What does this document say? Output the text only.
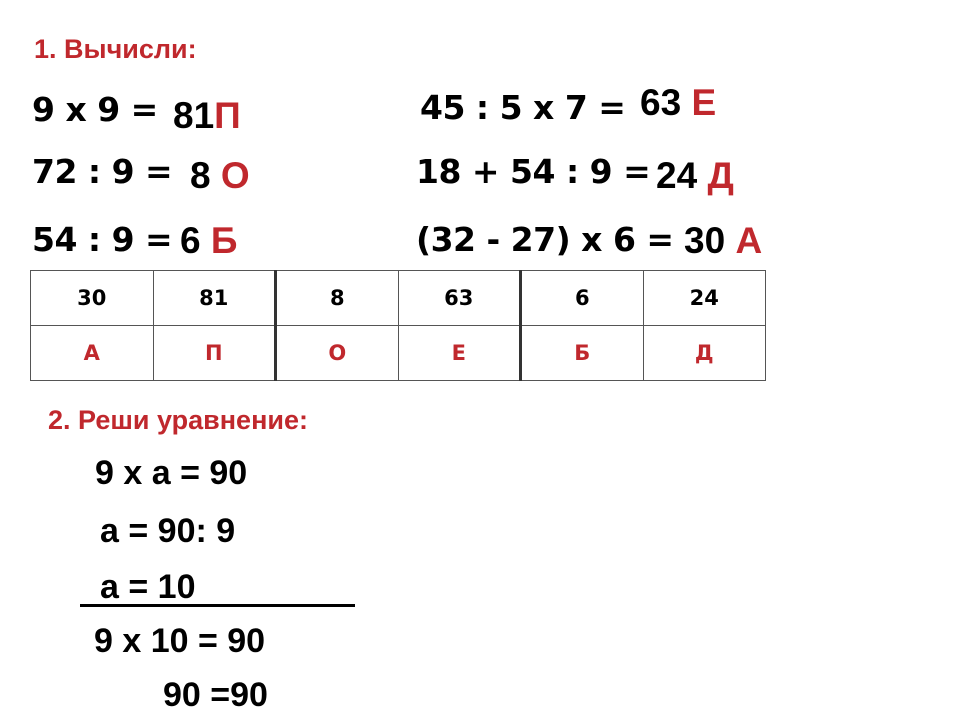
1. Вычисли:
9 х 9 = 81П
72 : 9 = 8 О
54 : 9 = 6 Б
45 : 5 х 7 = 63 Е
18 + 54 : 9 = 24 Д
(32 - 27) х 6 = 30 А
30	81	8	63	6	24
А	П	О	Е	Б	Д
2. Реши уравнение:
9 х а = 90
а = 90: 9
а = 10
9 х 10 = 90
90 =90
